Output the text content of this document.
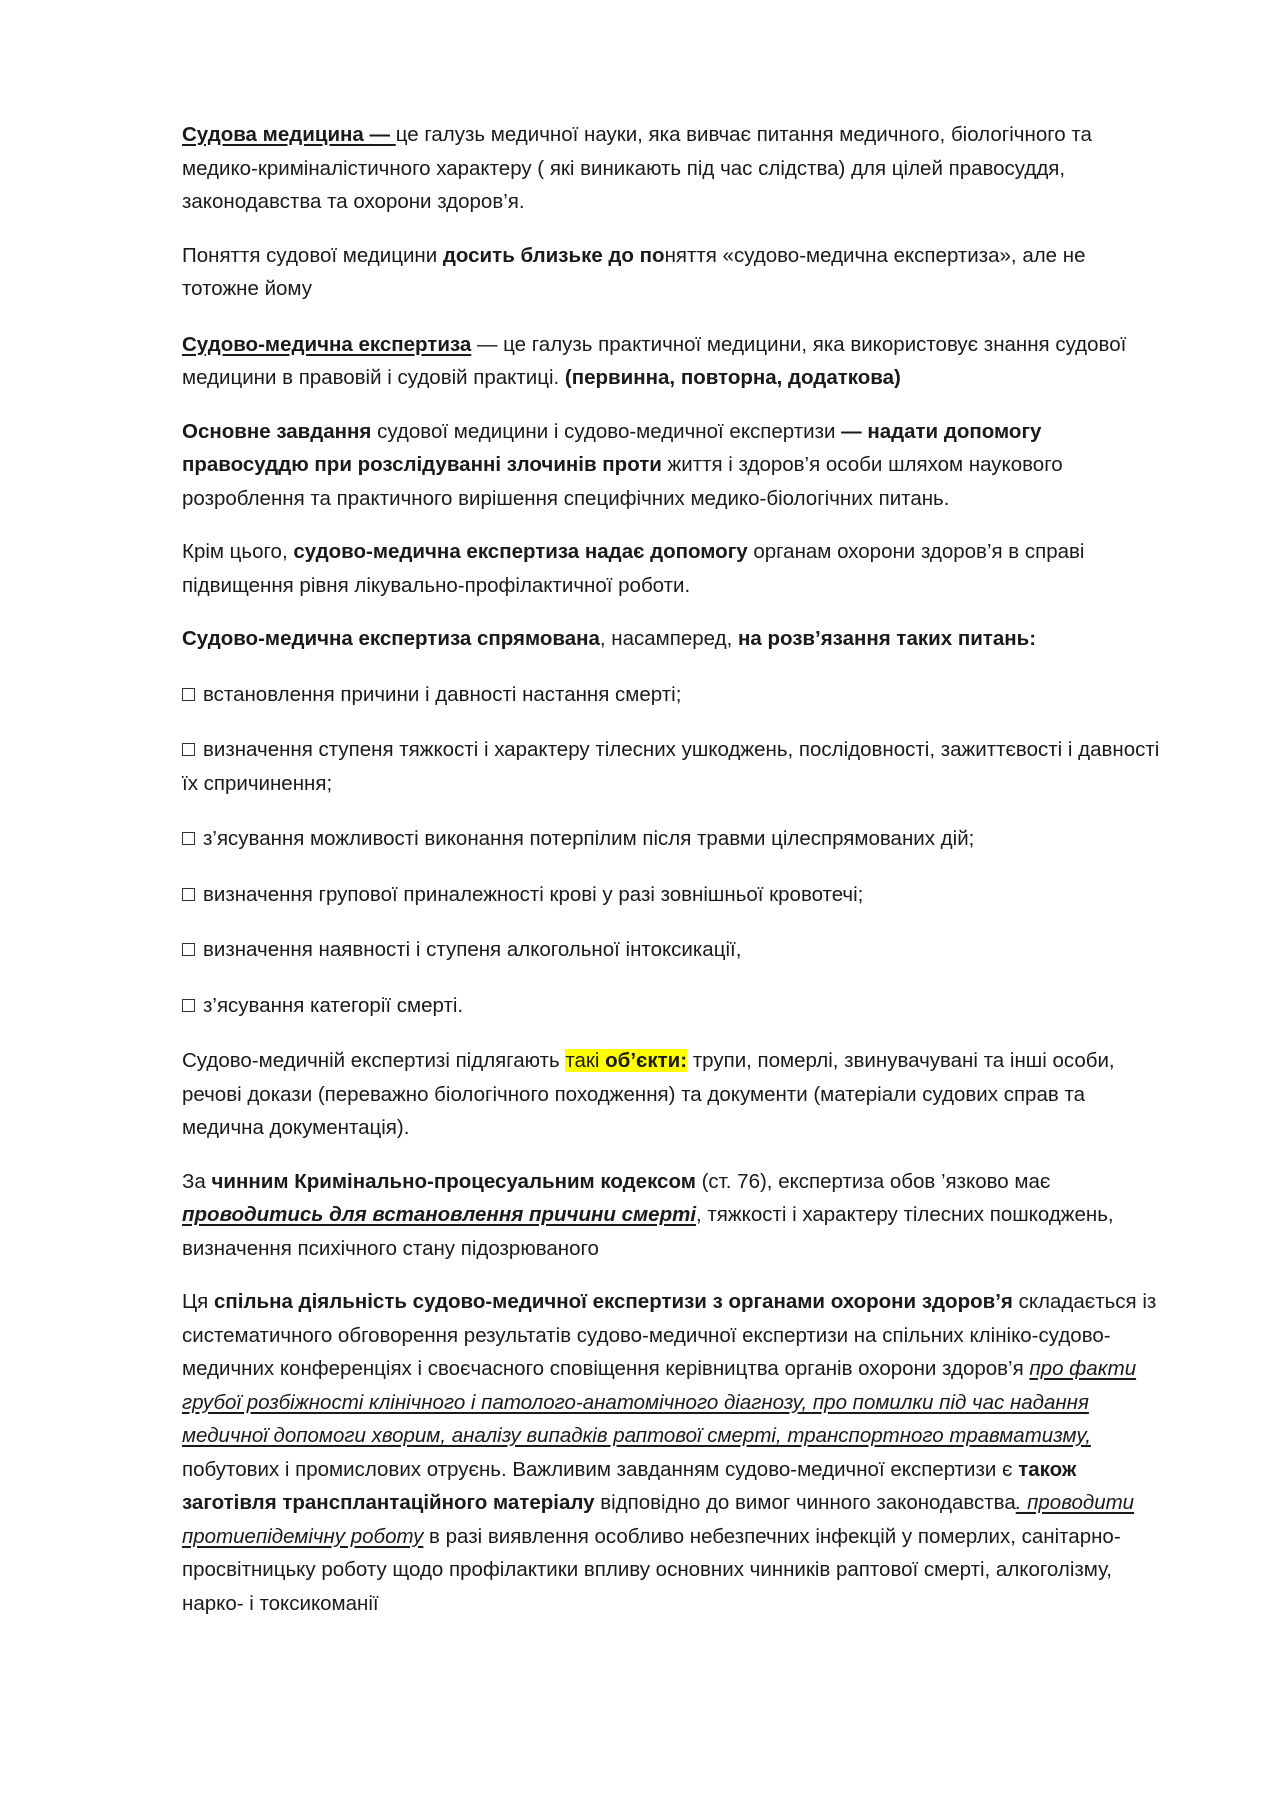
Судова медицина — це галузь медичної науки, яка вивчає питання медичного, біологічного та медико-криміналістичного характеру ( які виникають під час слідства) для цілей правосуддя, законодавства та охорони здоров’я.

Поняття судової медицини досить близьке до поняття «судово-медична експертиза», але не тотожне йому

Судово-медична експертиза — це галузь практичної медицини, яка використовує знання судової медицини в правовій і судовій практиці. (первинна, повторна, додаткова)

Основне завдання судової медицини і судово-медичної експертизи — надати допомогу правосуддю при розслідуванні злочинів проти життя і здоров’я особи шляхом наукового розроблення та практичного вирішення специфічних медико-біологічних питань.

Крім цього, судово-медична експертиза надає допомогу органам охорони здоров’я в справі підвищення рівня лікувально-профілактичної роботи.

Судово-медична експертиза спрямована, насамперед, на розв’язання таких питань:

встановлення причини і давності настання смерті;

визначення ступеня тяжкості і характеру тілесних ушкоджень, послідовності, зажиттєвості і давності їх спричинення;

з’ясування можливості виконання потерпілим після травми цілеспрямованих дій;

визначення групової приналежності крові у разі зовнішньої кровотечі;

визначення наявності і ступеня алкогольної інтоксикації,

з’ясування категорії смерті.

Судово-медичній експертизі підлягають такі об’єкти: трупи, померлі, звинувачувані та інші особи, речові докази (переважно біологічного походження) та документи (матеріали судових справ та медична документація).

За чинним Кримінально-процесуальним кодексом (ст. 76), експертиза обов ’язково має проводитись для встановлення причини смерті, тяжкості і характеру тілесних пошкоджень, визначення психічного стану підозрюваного

Ця спільна діяльність судово-медичної експертизи з органами охорони здоров’я складається із систематичного обговорення результатів судово-медичної експертизи на спільних клініко-судово-медичних конференціях і своєчасного сповіщення керівництва органів охорони здоров’я про факти грубої розбіжності клінічного і патолого-анатомічного діагнозу, про помилки під час надання медичної допомоги хворим, аналізу випадків раптової смерті, транспортного травматизму, побутових і промислових отруєнь. Важливим завданням судово-медичної експертизи є також заготівля трансплантаційного матеріалу відповідно до вимог чинного законодавства. проводити протиепідемічну роботу в разі виявлення особливо небезпечних інфекцій у померлих, санітарно-просвітницьку роботу щодо профілактики впливу основних чинників раптової смерті, алкоголізму, нарко- і токсикоманії
